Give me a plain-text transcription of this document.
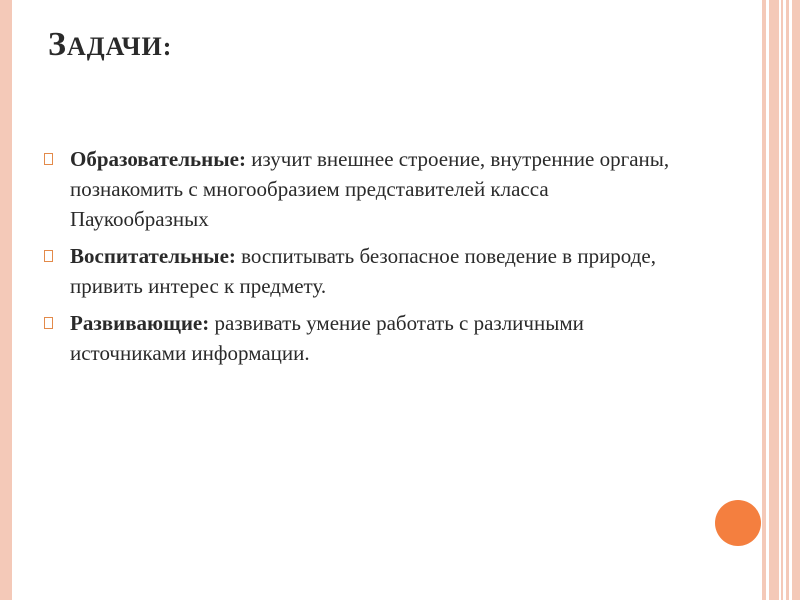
ЗАДАЧИ:
Образовательные: изучит внешнее строение, внутренние органы, познакомить с многообразием представителей класса Паукообразных
Воспитательные: воспитывать безопасное поведение в природе, привить интерес к предмету.
Развивающие: развивать умение работать с различными источниками информации.
